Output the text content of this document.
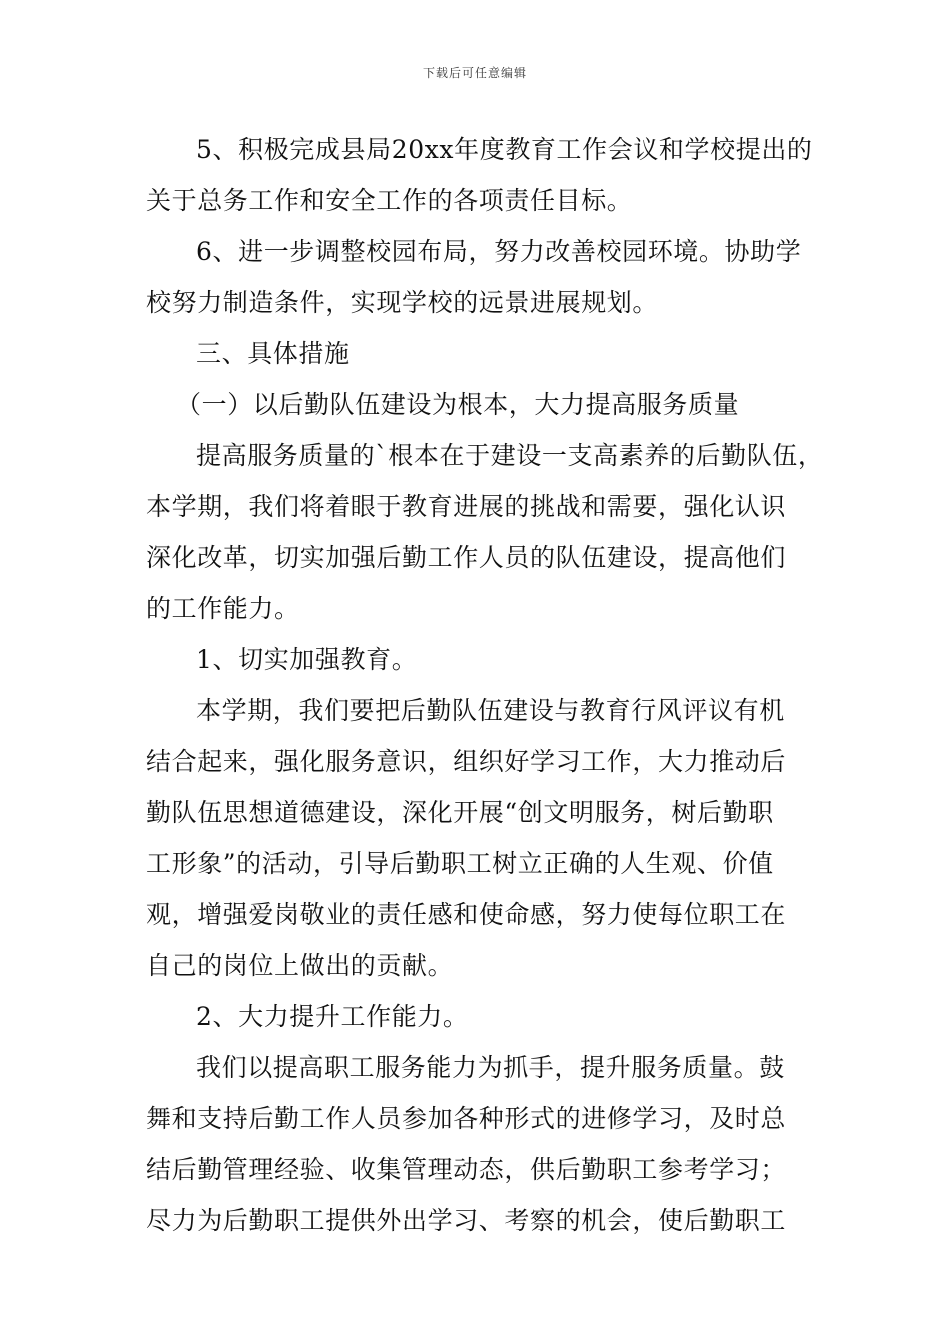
下载后可任意编辑
5、积极完成县局20xx年度教育工作会议和学校提出的
关于总务工作和安全工作的各项责任目标。
6、进一步调整校园布局，努力改善校园环境。协助学
校努力制造条件，实现学校的远景进展规划。
三、具体措施
（一）以后勤队伍建设为根本，大力提高服务质量
提高服务质量的`根本在于建设一支高素养的后勤队伍，
本学期，我们将着眼于教育进展的挑战和需要，强化认识
深化改革，切实加强后勤工作人员的队伍建设，提高他们
的工作能力。
1、切实加强教育。
本学期，我们要把后勤队伍建设与教育行风评议有机
结合起来，强化服务意识，组织好学习工作，大力推动后
勤队伍思想道德建设，深化开展“创文明服务，树后勤职
工形象”的活动，引导后勤职工树立正确的人生观、价值
观，增强爱岗敬业的责任感和使命感，努力使每位职工在
自己的岗位上做出的贡献。
2、大力提升工作能力。
我们以提高职工服务能力为抓手，提升服务质量。鼓
舞和支持后勤工作人员参加各种形式的进修学习，及时总
结后勤管理经验、收集管理动态，供后勤职工参考学习；
尽力为后勤职工提供外出学习、考察的机会，使后勤职工
